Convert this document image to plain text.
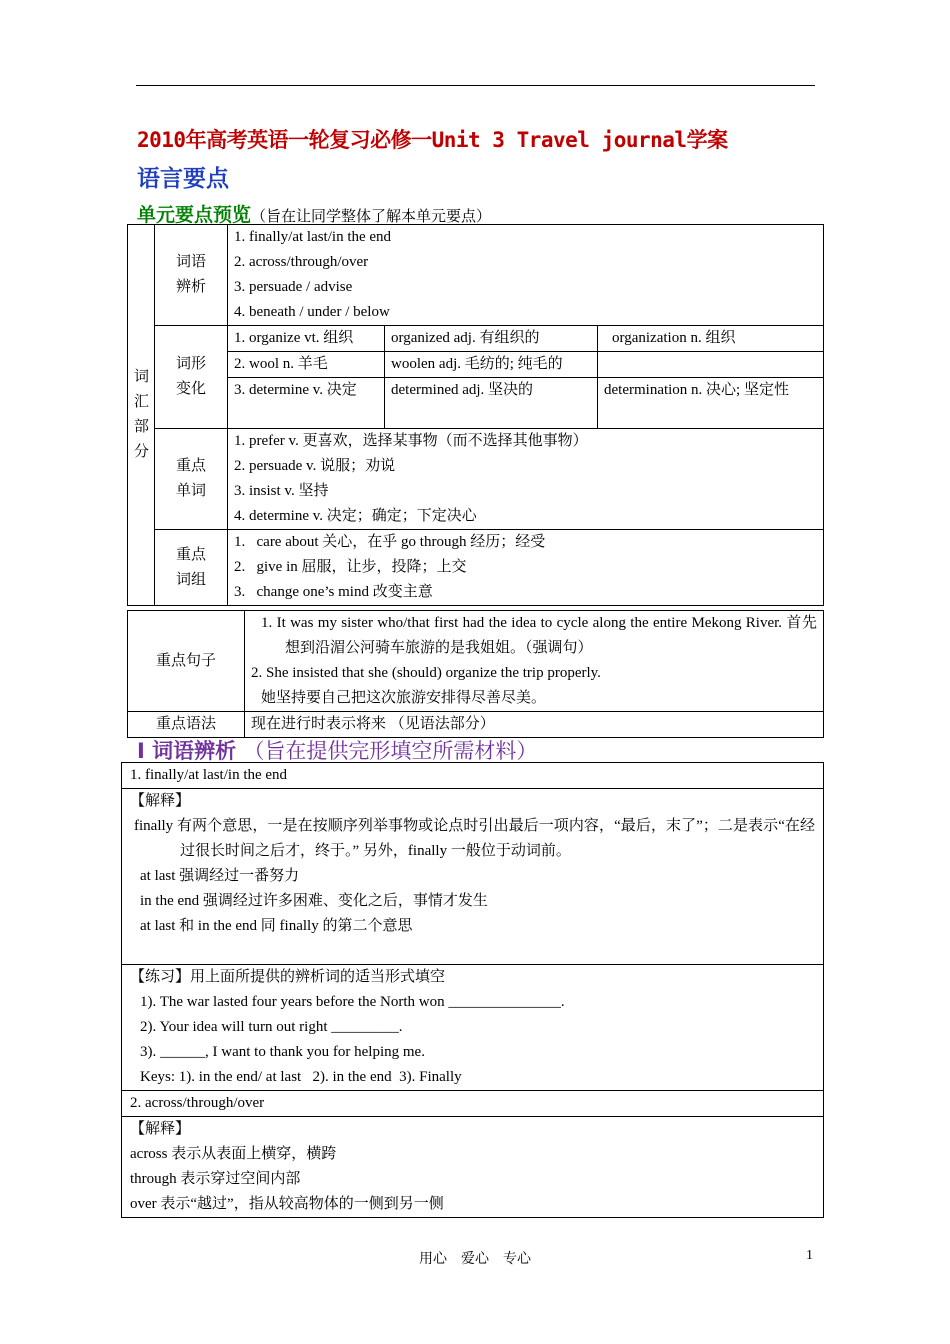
2010年高考英语一轮复习必修一Unit 3 Travel journal学案
语言要点
单元要点预览（旨在让同学整体了解本单元要点）
词汇部分	词语辨析	1. finally/at last/in the end
2. across/through/over
3. persuade / advise
4. beneath / under / below		

	词形变化	1. organize vt. 组织	organized adj. 有组织的	organization n. 组织
		2. wool n. 羊毛	woolen adj. 毛纺的; 纯毛的	
		3. determine v. 决定	determined adj. 坚决的	determination n. 决心; 坚定性

	重点单词	1. prefer v. 更喜欢，选择某事物（而不选择其他事物）
2. persuade v. 说服；劝说
3. insist v. 坚持
4. determine v. 决定；确定；下定决心		

	重点词组	1.   care about 关心，在乎 go through 经历；经受
2.   give in 屈服，让步，投降；上交
3.   change one’s mind 改变主意		
重点句子	1. It was my sister who/that first had the idea to cycle along the entire Mekong River. 首先想到沿湄公河骑车旅游的是我姐姐。（强调句）
2. She insisted that she (should) organize the trip properly.
她坚持要自己把这次旅游安排得尽善尽美。

重点语法	现在进行时表示将来 （见语法部分）
Ⅰ 词语辨析 （旨在提供完形填空所需材料）
1. finally/at last/in the end

【解释】
finally 有两个意思，一是在按顺序列举事物或论点时引出最后一项内容，“最后，末了”；二是表示“在经过很长时间之后才，终于。” 另外，finally 一般位于动词前。
at last 强调经过一番努力
in the end 强调经过许多困难、变化之后，事情才发生
at last 和 in the end 同 finally 的第二个意思

【练习】用上面所提供的辨析词的适当形式填空
1). The war lasted four years before the North won _______________.
2). Your idea will turn out right _________.
3). ______, I want to thank you for helping me.
Keys: 1). in the end/ at last   2). in the end  3). Finally

2. across/through/over

【解释】
across 表示从表面上横穿，横跨
through 表示穿过空间内部
over 表示“越过”，指从较高物体的一侧到另一侧
用心    爱心    专心	1
